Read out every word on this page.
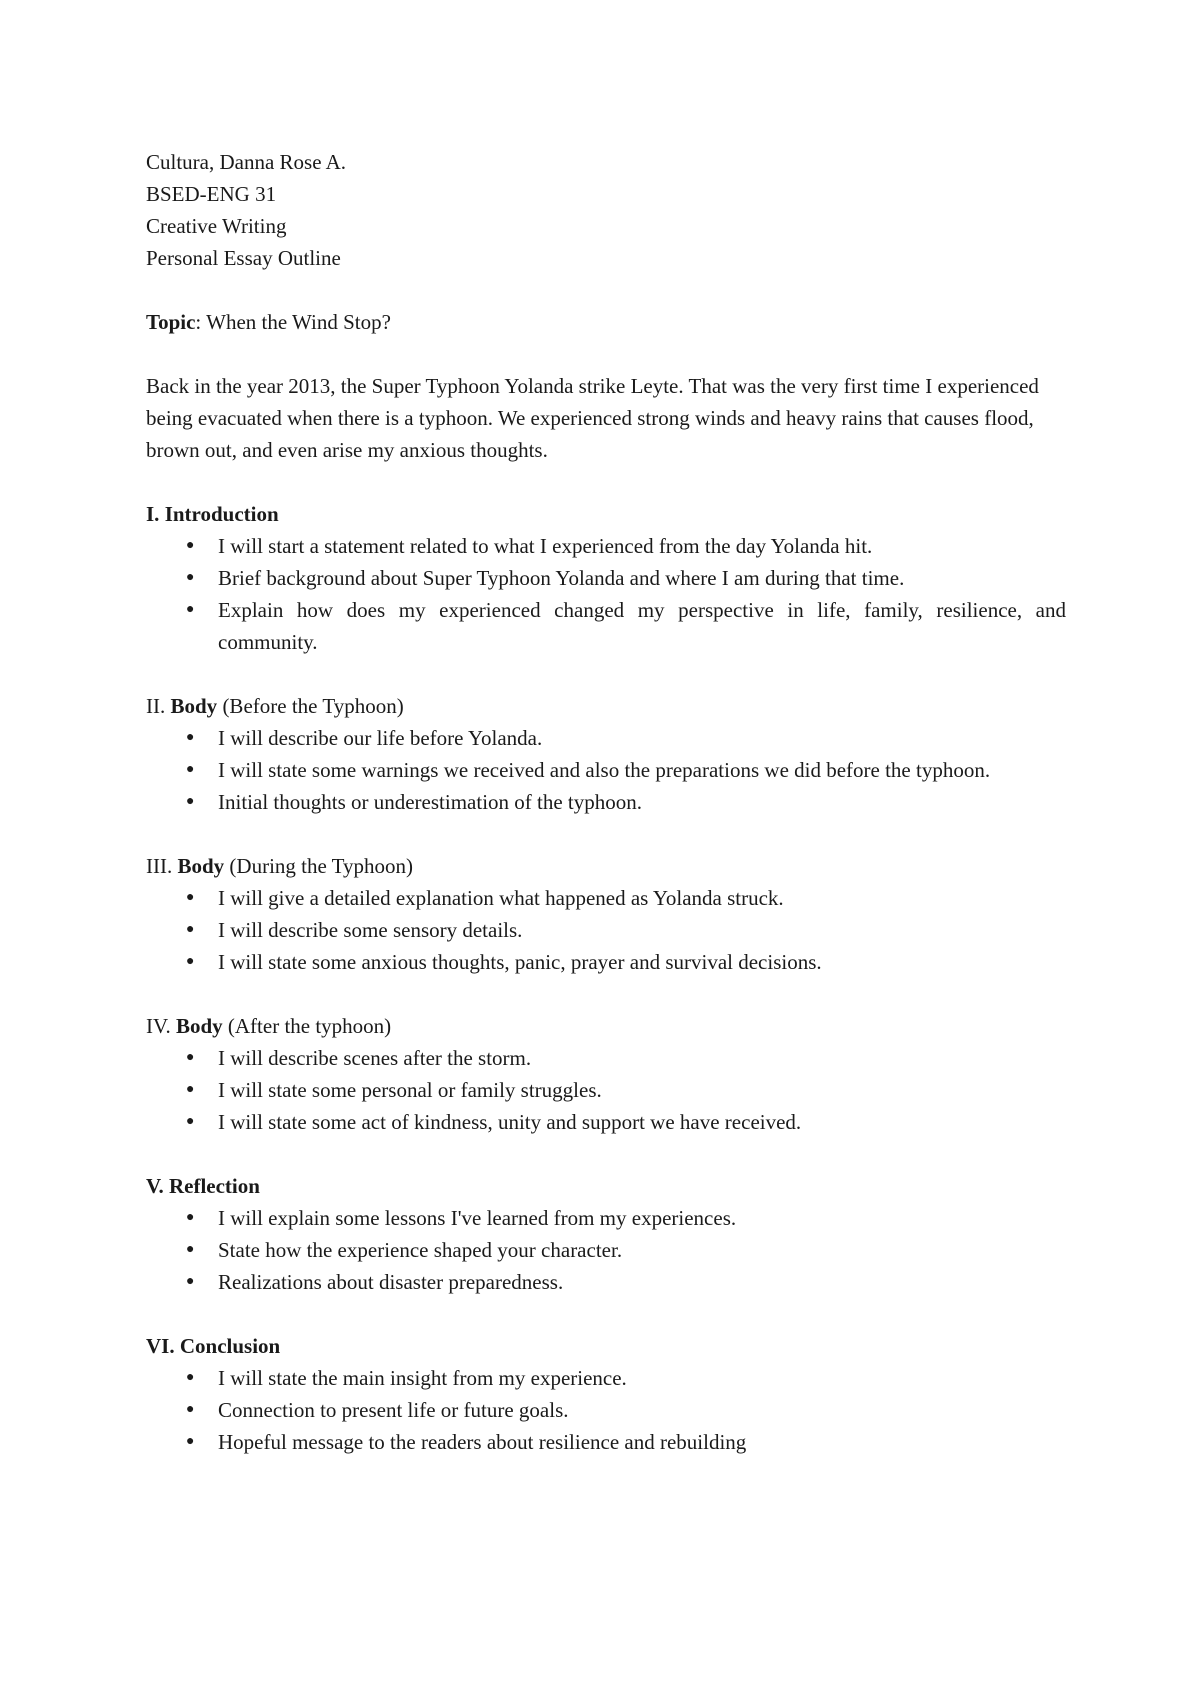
Cultura, Danna Rose A.

BSED-ENG 31

Creative Writing

Personal Essay Outline

Topic: When the Wind Stop?

Back in the year 2013, the Super Typhoon Yolanda strike Leyte. That was the very first time I experienced being evacuated when there is a typhoon. We experienced strong winds and heavy rains that causes flood, brown out, and even arise my anxious thoughts.

I. Introduction

● I will start a statement related to what I experienced from the day Yolanda hit.
● Brief background about Super Typhoon Yolanda and where I am during that time.
● Explain how does my experienced changed my perspective in life, family, resilience, and community.

II. Body (Before the Typhoon)

● I will describe our life before Yolanda.
● I will state some warnings we received and also the preparations we did before the typhoon.
● Initial thoughts or underestimation of the typhoon.

III. Body (During the Typhoon)

● I will give a detailed explanation what happened as Yolanda struck.
● I will describe some sensory details.
● I will state some anxious thoughts, panic, prayer and survival decisions.

IV. Body (After the typhoon)

● I will describe scenes after the storm.
● I will state some personal or family struggles.
● I will state some act of kindness, unity and support we have received.

V. Reflection

● I will explain some lessons I've learned from my experiences.
● State how the experience shaped your character.
● Realizations about disaster preparedness.

VI. Conclusion

● I will state the main insight from my experience.
● Connection to present life or future goals.
● Hopeful message to the readers about resilience and rebuilding
